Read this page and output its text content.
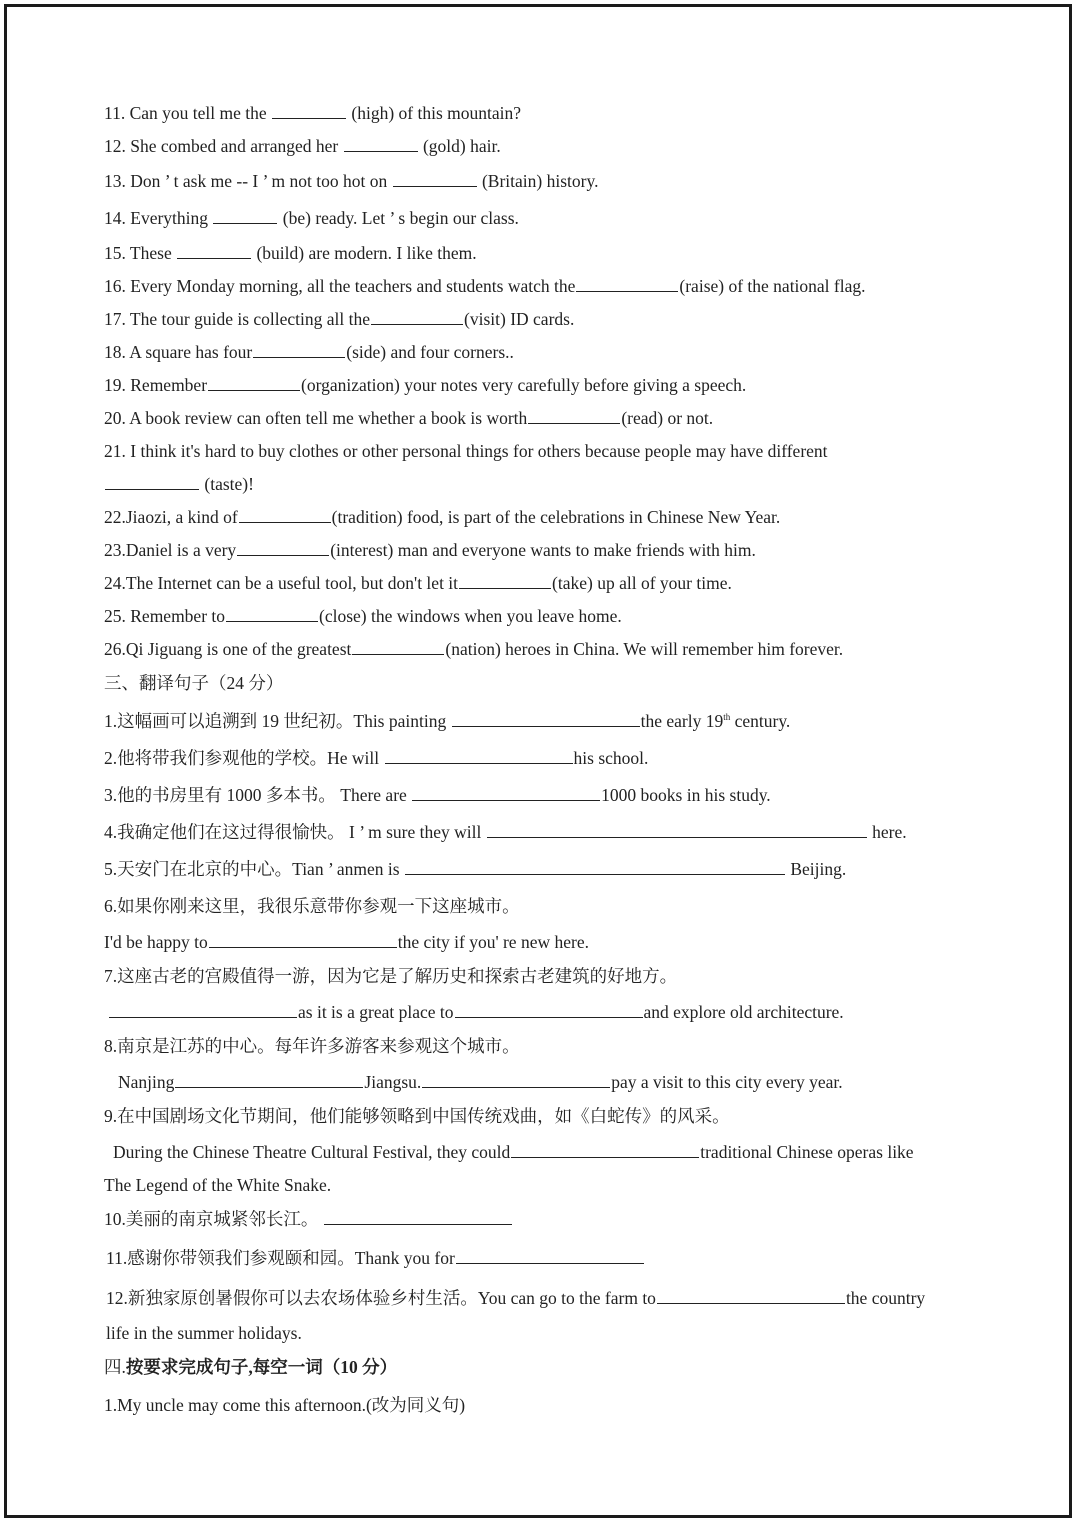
11. Can you tell me the	(high) of this mountain?
12. She combed and arranged her	(gold) hair.
13. Don ’ t ask me -- I ’ m not too hot on	(Britain) history.
14. Everything	(be) ready. Let ’ s begin our class.
15. These	(build) are modern. I like them.
16. Every Monday morning, all the teachers and students watch the	(raise) of the national flag.
17. The tour guide is collecting all the	(visit) ID cards.
18. A square has four	(side) and four corners..
19. Remember	(organization) your notes very carefully before giving a speech.
20. A book review can often tell me whether a book is worth	(read) or not.
21. I think it's hard to buy clothes or other personal things for others because people may have different
(taste)!
22.Jiaozi, a kind of	(tradition) food, is part of the celebrations in Chinese New Year.
23.Daniel is a very	(interest) man and everyone wants to make friends with him.
24.The Internet can be a useful tool, but don't let it	(take) up all of your time.
25. Remember to	(close) the windows when you leave home.
26.Qi Jiguang is one of the greatest	(nation) heroes in China. We will remember him forever.
三、翻译句子（24 分）
1.这幅画可以追溯到 19 世纪初。This painting	the early 19th century.
2.他将带我们参观他的学校。He will	his school.
3.他的书房里有 1000 多本书。 There are	1000 books in his study.
4.我确定他们在这过得很愉快。 I ’ m sure they will	here.
5.天安门在北京的中心。Tian ’ anmen is	Beijing.
6.如果你刚来这里，我很乐意带你参观一下这座城市。
I'd be happy to	the city if you' re new here.
7.这座古老的宫殿值得一游，因为它是了解历史和探索古老建筑的好地方。
as it is a great place to	and explore old architecture.
8.南京是江苏的中心。每年许多游客来参观这个城市。
Nanjing	Jiangsu.	pay a visit to this city every year.
9.在中国剧场文化节期间，他们能够领略到中国传统戏曲，如《白蛇传》的风采。
During the Chinese Theatre Cultural Festival, they could	traditional Chinese operas like
The Legend of the White Snake.
10.美丽的南京城紧邻长江。
11.感谢你带领我们参观颐和园。Thank you for
12.新独家原创暑假你可以去农场体验乡村生活。You can go to the farm to	the country
life in the summer holidays.
四.按要求完成句子,每空一词（10 分）
1.My uncle may come this afternoon.(改为同义句)
